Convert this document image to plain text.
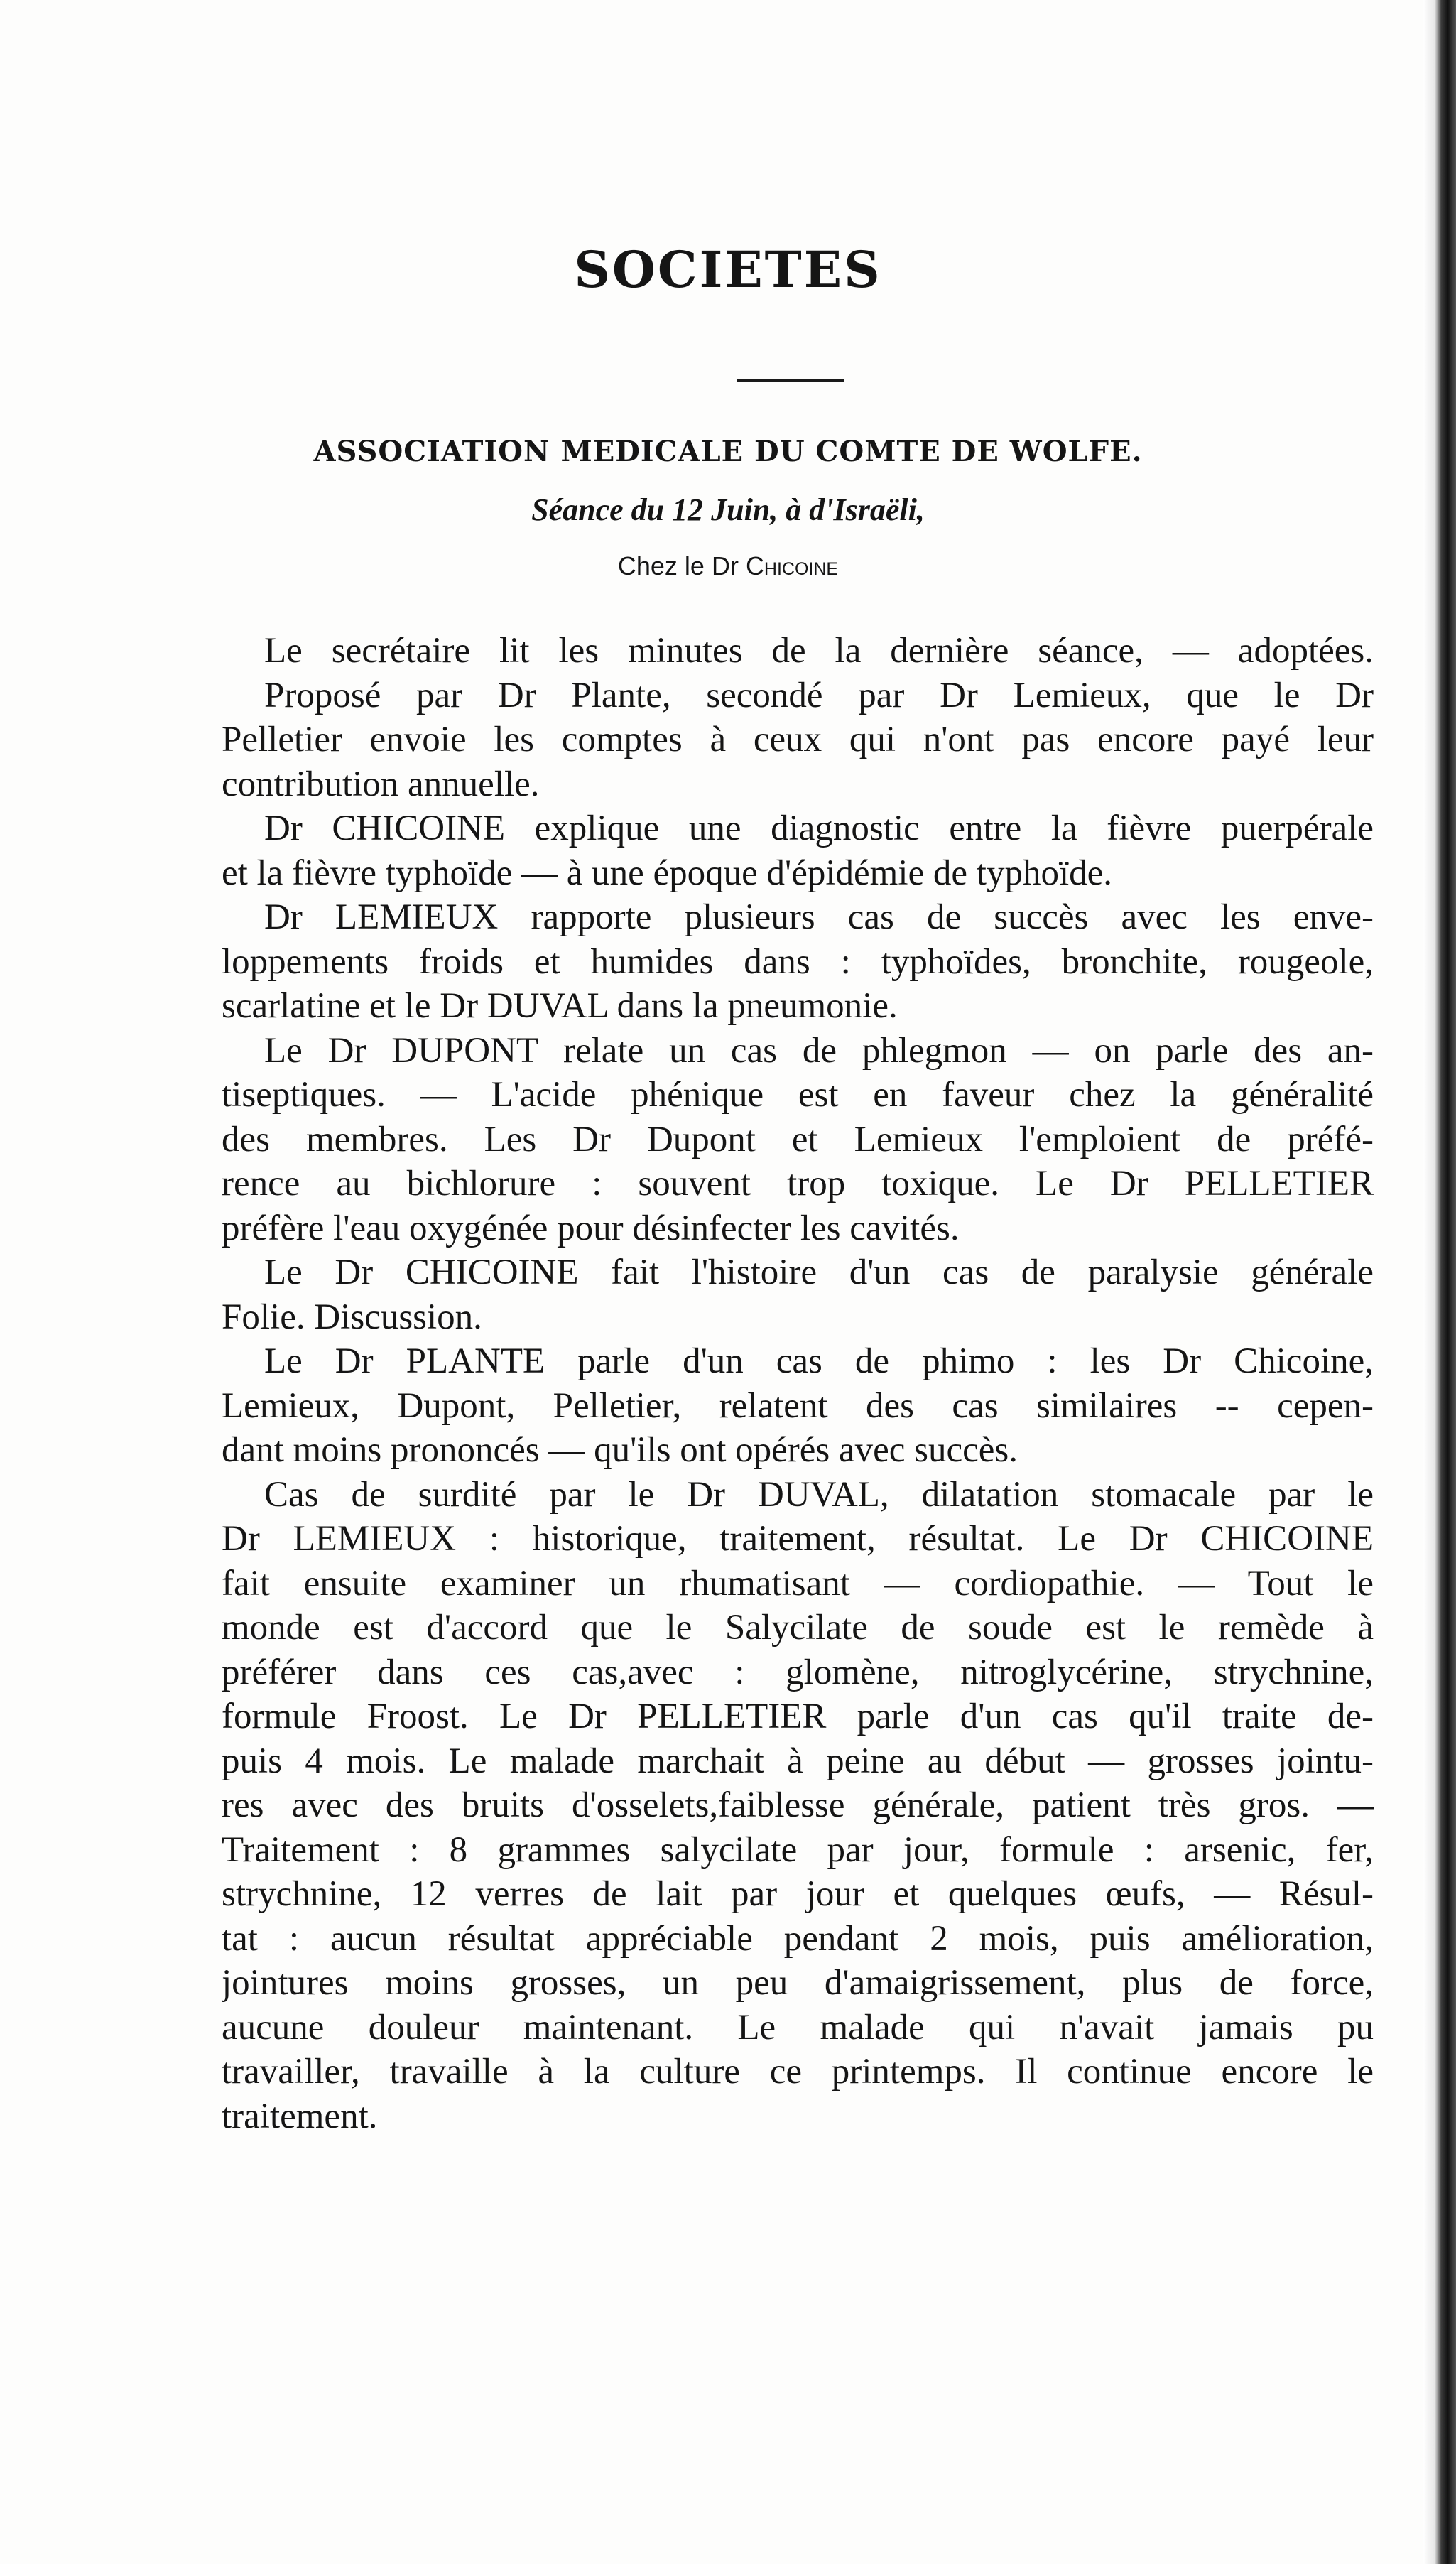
SOCIETES
ASSOCIATION MEDICALE DU COMTE DE WOLFE.
Séance du 12 Juin, à d'Israëli,
Chez le Dr Chicoine
Le secrétaire lit les minutes de la dernière séance, — adoptées.
Proposé par Dr Plante, secondé par Dr Lemieux, que le Dr
Pelletier envoie les comptes à ceux qui n'ont pas encore payé leur
contribution annuelle.
Dr CHICOINE explique une diagnostic entre la fièvre puerpérale
et la fièvre typhoïde — à une époque d'épidémie de typhoïde.
Dr LEMIEUX rapporte plusieurs cas de succès avec les enve-
loppements froids et humides dans : typhoïdes, bronchite, rougeole,
scarlatine et le Dr DUVAL dans la pneumonie.
Le Dr DUPONT relate un cas de phlegmon — on parle des an-
tiseptiques. — L'acide phénique est en faveur chez la généralité
des membres. Les Dr Dupont et Lemieux l'emploient de préfé-
rence au bichlorure : souvent trop toxique. Le Dr PELLETIER
préfère l'eau oxygénée pour désinfecter les cavités.
Le Dr CHICOINE fait l'histoire d'un cas de paralysie générale
Folie. Discussion.
Le Dr PLANTE parle d'un cas de phimo : les Dr Chicoine,
Lemieux, Dupont, Pelletier, relatent des cas similaires -- cepen-
dant moins prononcés — qu'ils ont opérés avec succès.
Cas de surdité par le Dr DUVAL, dilatation stomacale par le
Dr LEMIEUX : historique, traitement, résultat. Le Dr CHICOINE
fait ensuite examiner un rhumatisant — cordiopathie. — Tout le
monde est d'accord que le Salycilate de soude est le remède à
préférer dans ces cas,avec : glomène, nitroglycérine, strychnine,
formule Froost. Le Dr PELLETIER parle d'un cas qu'il traite de-
puis 4 mois. Le malade marchait à peine au début — grosses jointu-
res avec des bruits d'osselets,faiblesse générale, patient très gros. —
Traitement : 8 grammes salycilate par jour, formule : arsenic, fer,
strychnine, 12 verres de lait par jour et quelques œufs, — Résul-
tat : aucun résultat appréciable pendant 2 mois, puis amélioration,
jointures moins grosses, un peu d'amaigrissement, plus de force,
aucune douleur maintenant. Le malade qui n'avait jamais pu
travailler, travaille à la culture ce printemps. Il continue encore le
traitement.
